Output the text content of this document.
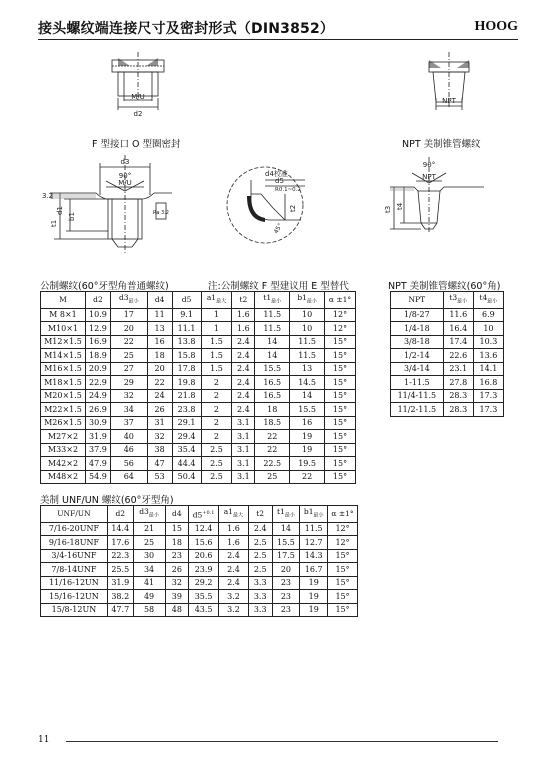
接头螺纹端连接尺寸及密封形式（DIN3852）	HOOG
M/U
d2
NPT
F 型接口 O 型圈密封	NPT 美制锥管螺纹
d3
90°
M/U
3.2
d1
b1
t1
Ra 3.2
d4校准
d5
R0.1~0.2
t2
45°
90°
NPT
t3 t4
公制螺纹(60°牙型角普通螺纹)	注:公制螺纹 F 型建议用 E 型替代	NPT 美制锥管螺纹(60°角)
M	d2	$d3_{最小}$	d4	d5	$a1_{最大}$	t2	$t1_{最小}$	$b1_{最小}$	α ±1°
M 8×1	10.9	17	11	9.1	1	1.6	11.5	10	12°
M10×1	12.9	20	13	11.1	1	1.6	11.5	10	12°
M12×1.5	16.9	22	16	13.8	1.5	2.4	14	11.5	15°
M14×1.5	18.9	25	18	15.8	1.5	2.4	14	11.5	15°
M16×1.5	20.9	27	20	17.8	1.5	2.4	15.5	13	15°
M18×1.5	22.9	29	22	19.8	2	2.4	16.5	14.5	15°
M20×1.5	24.9	32	24	21.8	2	2.4	16.5	14	15°
M22×1.5	26.9	34	26	23.8	2	2.4	18	15.5	15°
M26×1.5	30.9	37	31	29.1	2	3.1	18.5	16	15°
M27×2	31.9	40	32	29.4	2	3.1	22	19	15°
M33×2	37.9	46	38	35.4	2.5	3.1	22	19	15°
M42×2	47.9	56	47	44.4	2.5	3.1	22.5	19.5	15°
M48×2	54.9	64	53	50.4	2.5	3.1	25	22	15°
NPT	$t3_{最小}$	$t4_{最小}$
1/8-27	11.6	6.9
1/4-18	16.4	10
3/8-18	17.4	10.3
1/2-14	22.6	13.6
3/4-14	23.1	14.1
1-11.5	27.8	16.8
11/4-11.5	28.3	17.3
11/2-11.5	28.3	17.3
美制 UNF/UN 螺纹(60°牙型角)
UNF/UN	d2	$d3_{最小}$	d4	$d5^{+0.1}$	$a1_{最大}$	t2	$t1_{最小}$	$b1_{最小}$	α ±1°
7/16-20UNF	14.4	21	15	12.4	1.6	2.4	14	11.5	12°
9/16-18UNF	17.6	25	18	15.6	1.6	2.5	15.5	12.7	12°
3/4-16UNF	22.3	30	23	20.6	2.4	2.5	17.5	14.3	15°
7/8-14UNF	25.5	34	26	23.9	2.4	2.5	20	16.7	15°
11/16-12UN	31.9	41	32	29.2	2.4	3.3	23	19	15°
15/16-12UN	38.2	49	39	35.5	3.2	3.3	23	19	15°
15/8-12UN	47.7	58	48	43.5	3.2	3.3	23	19	15°
11
